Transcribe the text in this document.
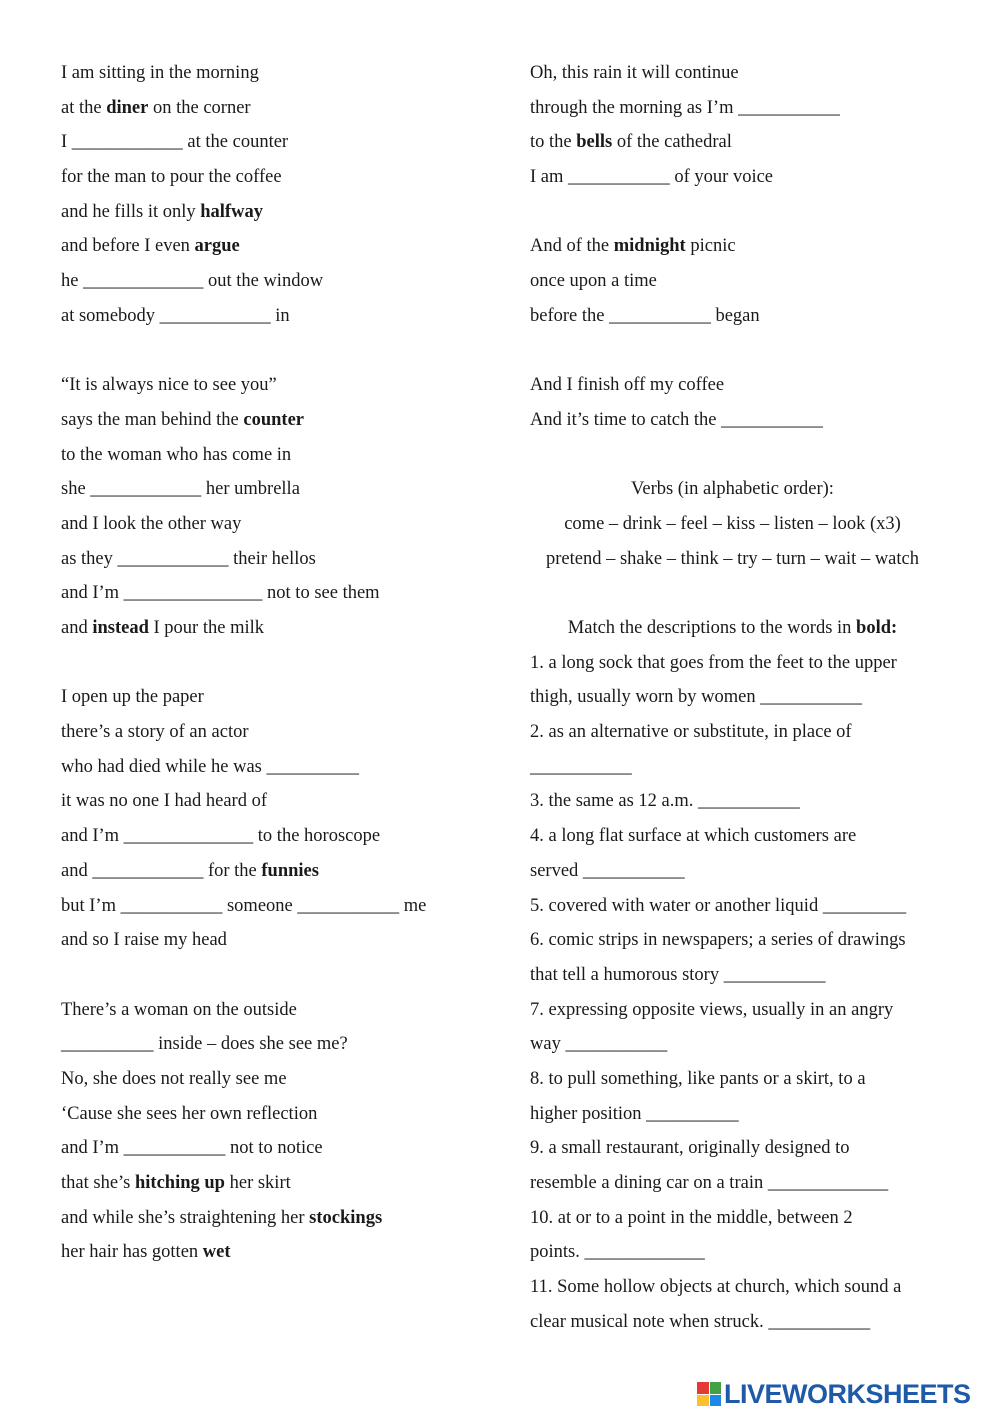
I am sitting in the morning
at the diner on the corner
I ____________ at the counter
for the man to pour the coffee
and he fills it only halfway
and before I even argue
he _____________ out the window
at somebody ____________ in
“It is always nice to see you”
says the man behind the counter
to the woman who has come in
she ____________ her umbrella
and I look the other way
as they ____________ their hellos
and I’m _______________ not to see them
and instead I pour the milk
I open up the paper
there’s a story of an actor
who had died while he was __________
it was no one I had heard of
and I’m ______________ to the horoscope
and ____________ for the funnies
but I’m ___________ someone ___________ me
and so I raise my head
There’s a woman on the outside
__________ inside – does she see me?
No, she does not really see me
‘Cause she sees her own reflection
and I’m ___________ not to notice
that she’s hitching up her skirt
and while she’s straightening her stockings
her hair has gotten wet
Oh, this rain it will continue
through the morning as I’m ___________
to the bells of the cathedral
I am ___________ of your voice
And of the midnight picnic
once upon a time
before the ___________ began
And I finish off my coffee
And it’s time to catch the ___________
Verbs (in alphabetic order):
come – drink – feel – kiss – listen – look (x3)
pretend – shake – think – try – turn – wait – watch
Match the descriptions to the words in bold:
1. a long sock that goes from the feet to the upper
thigh, usually worn by women ___________
2. as an alternative or substitute, in place of
___________
3. the same as 12 a.m. ___________
4. a long flat surface at which customers are
served ___________
5. covered with water or another liquid _________
6. comic strips in newspapers; a series of drawings
that tell a humorous story ___________
7. expressing opposite views, usually in an angry
way ___________
8. to pull something, like pants or a skirt, to a
higher position __________
9. a small restaurant, originally designed to
resemble a dining car on a train _____________
10. at or to a point in the middle, between 2
points. _____________
11. Some hollow objects at church, which sound a
clear musical note when struck. ___________
LIVEWORKSHEETS
